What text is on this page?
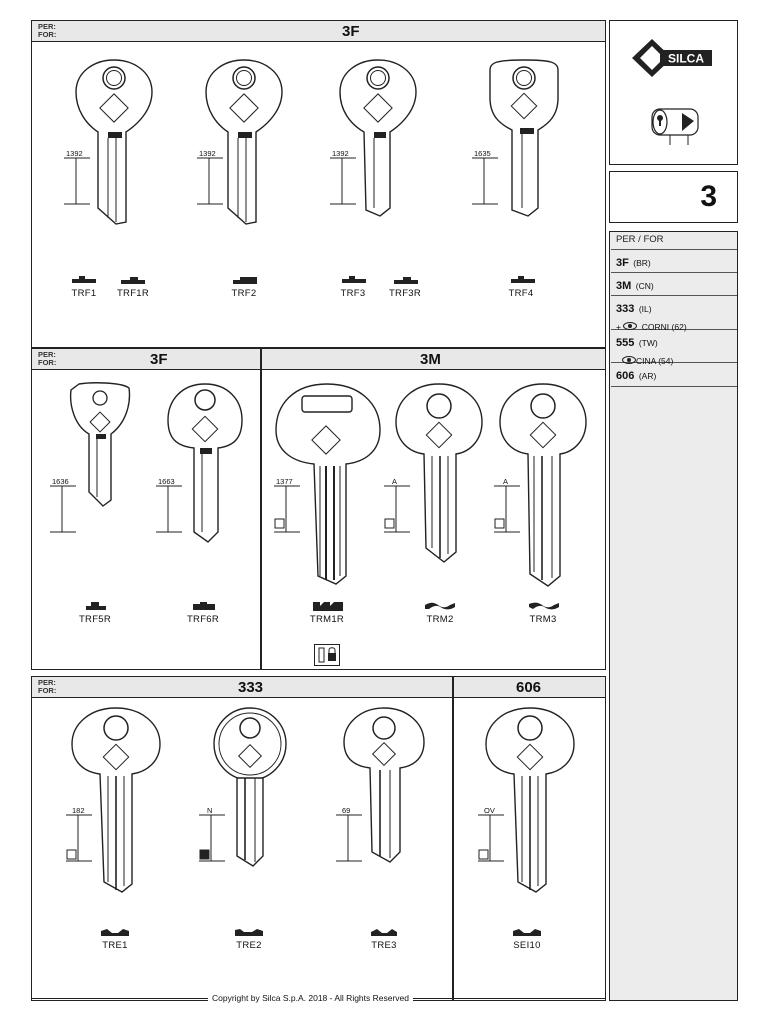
PER:
FOR:	3F
PER:
FOR:	3F	3M
PER:
FOR:	333	606
1392	1392	1392	1635
TRF1	TRF1R	TRF2	TRF3	TRF3R	TRF4
1636	1663	1377	A	A
TRF5R	TRF6R	TRM1R	TRM2	TRM3
182	N	69	OV
TRE1	TRE2	TRE3	SEI10
SILCA
3
PER / FOR
3F (BR)
3M (CN)
333 (IL)
+  CORNI (62)
555 (TW)
CINA (54)
606 (AR)
Copyright by Silca S.p.A. 2018 - All Rights Reserved
